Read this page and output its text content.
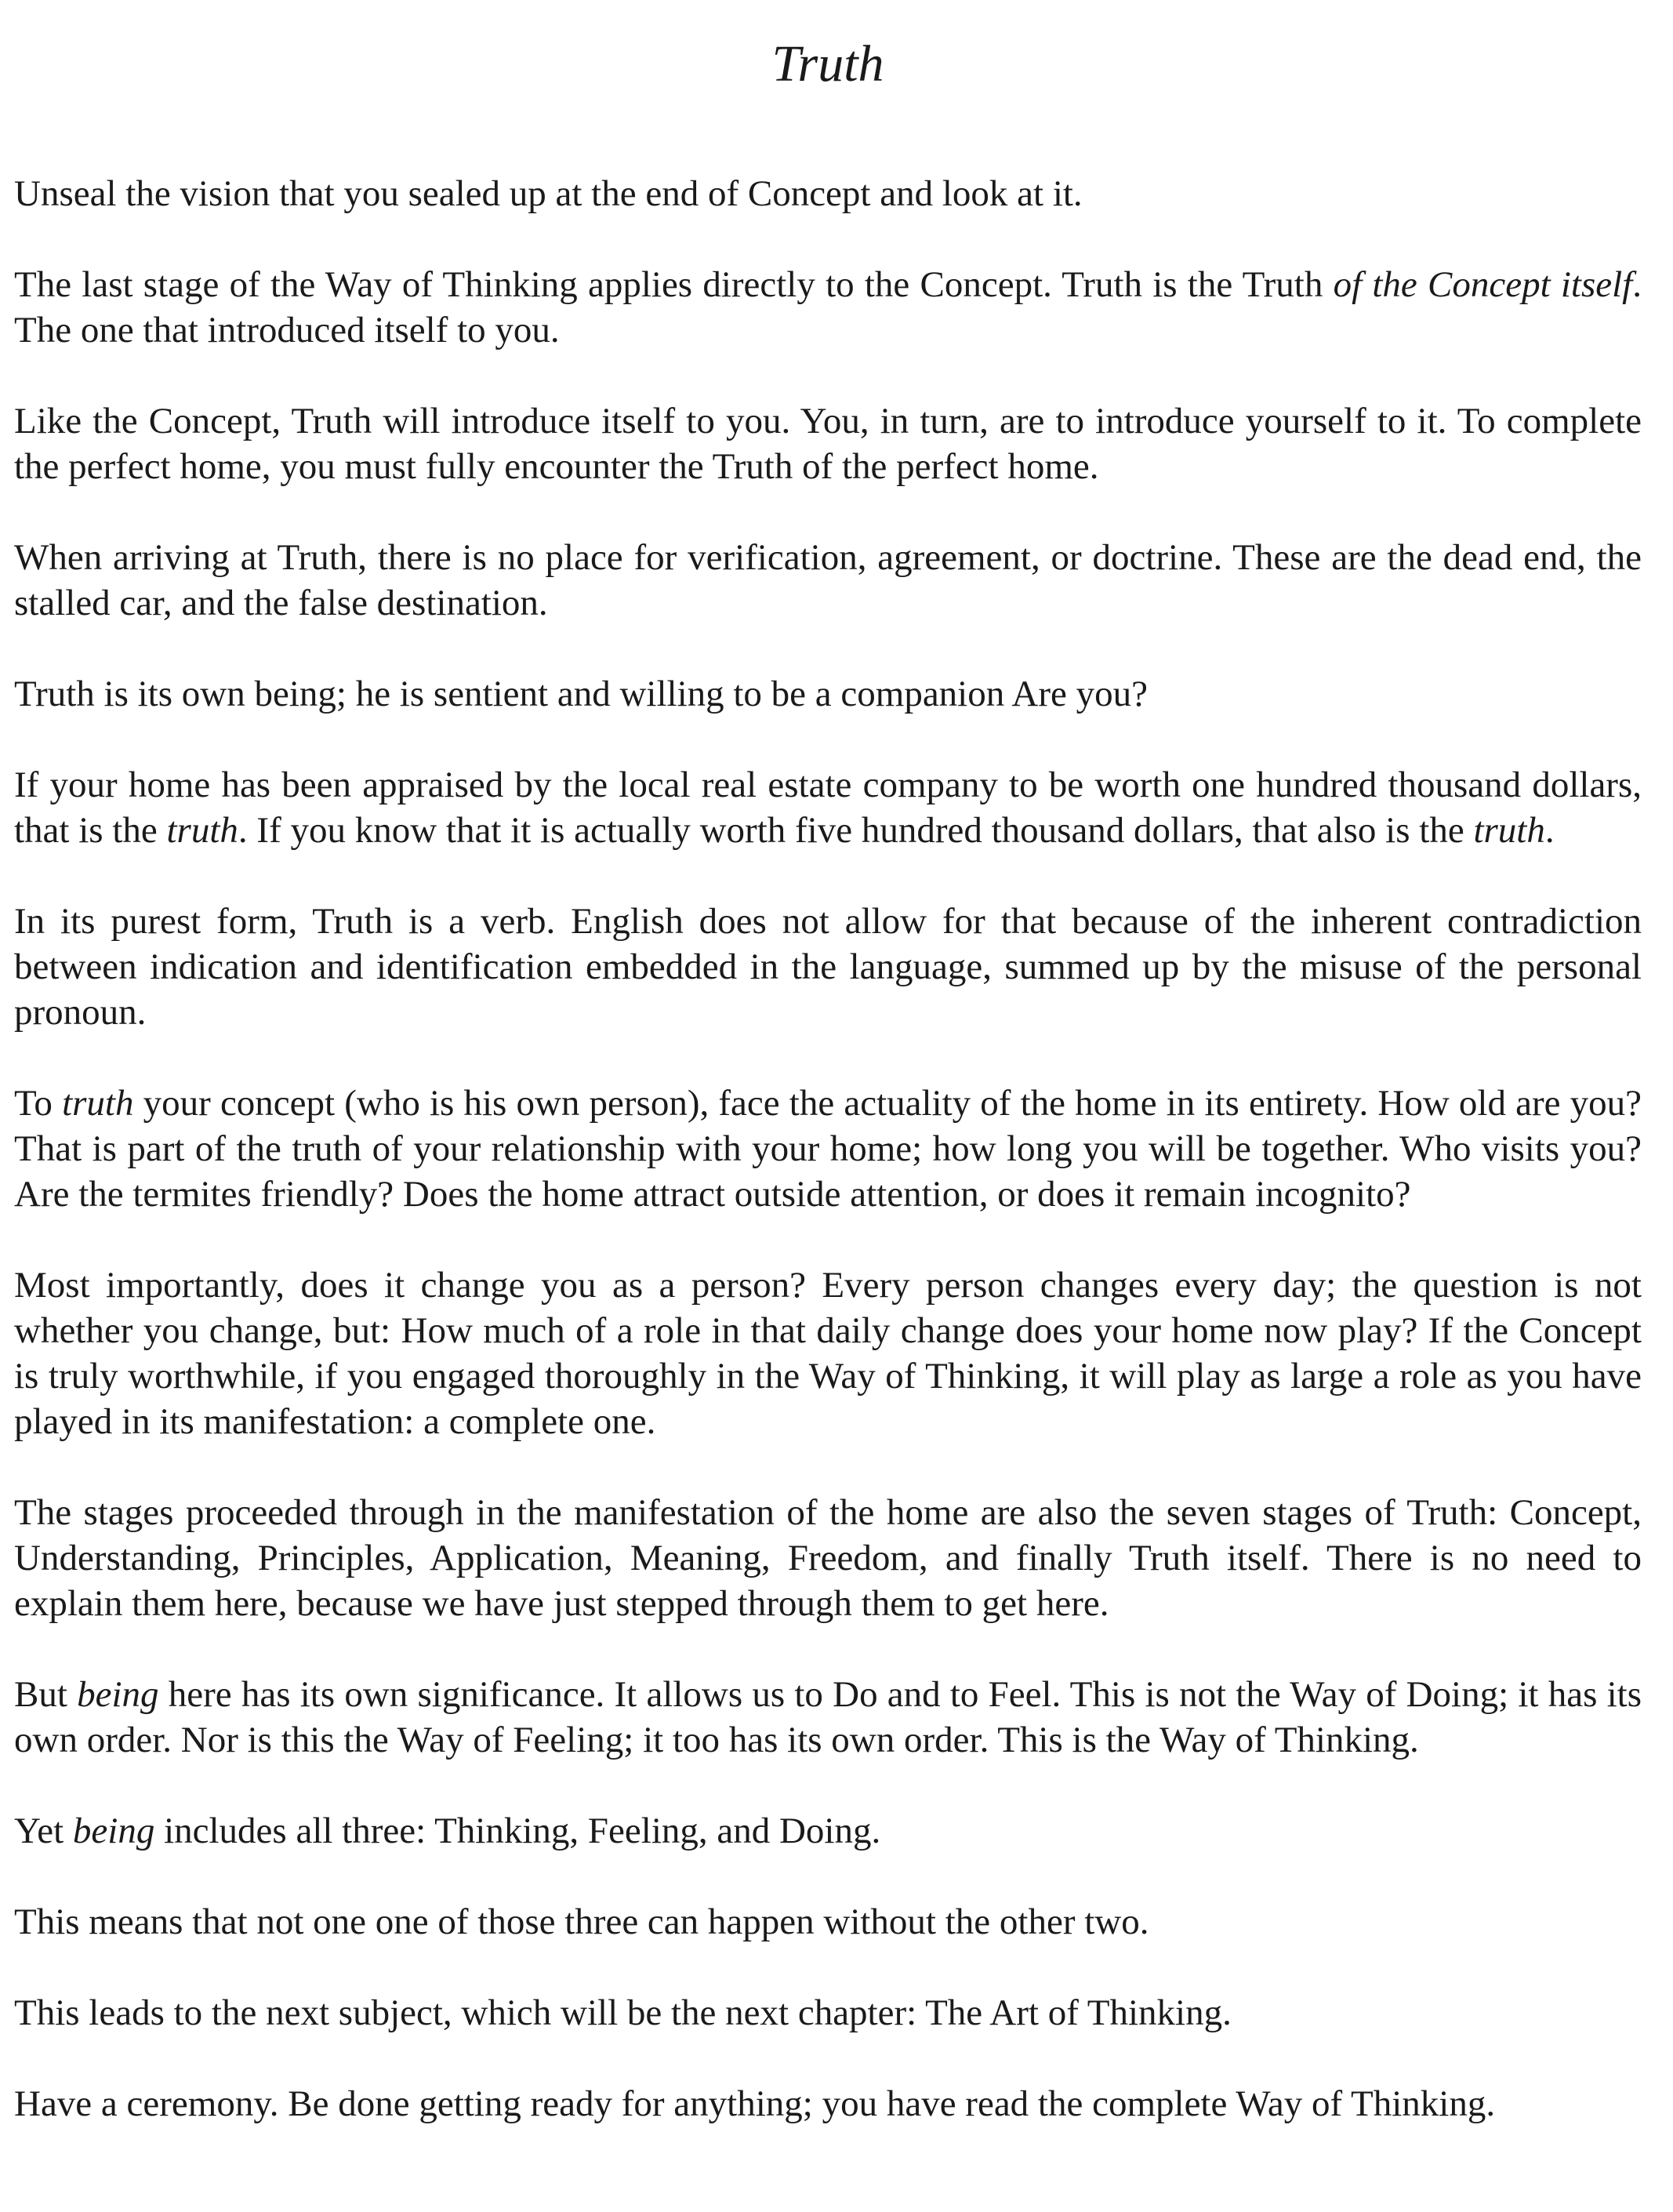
Truth

Unseal the vision that you sealed up at the end of Concept and look at it.

The last stage of the Way of Thinking applies directly to the Concept. Truth is the Truth of the Concept itself. The one that introduced itself to you.

Like the Concept, Truth will introduce itself to you. You, in turn, are to introduce yourself to it. To complete the perfect home, you must fully encounter the Truth of the perfect home.

When arriving at Truth, there is no place for verification, agreement, or doctrine. These are the dead end, the stalled car, and the false destination.

Truth is its own being; he is sentient and willing to be a companion Are you?

If your home has been appraised by the local real estate company to be worth one hundred thousand dollars, that is the truth. If you know that it is actually worth five hundred thousand dollars, that also is the truth.

In its purest form, Truth is a verb. English does not allow for that because of the inherent contradiction between indication and identification embedded in the language, summed up by the misuse of the personal pronoun.

To truth your concept (who is his own person), face the actuality of the home in its entirety. How old are you? That is part of the truth of your relationship with your home; how long you will be together. Who visits you? Are the termites friendly? Does the home attract outside attention, or does it remain incognito?

Most importantly, does it change you as a person? Every person changes every day; the question is not whether you change, but: How much of a role in that daily change does your home now play? If the Concept is truly worthwhile, if you engaged thoroughly in the Way of Thinking, it will play as large a role as you have played in its manifestation: a complete one.

The stages proceeded through in the manifestation of the home are also the seven stages of Truth: Concept, Understanding, Principles, Application, Meaning, Freedom, and finally Truth itself. There is no need to explain them here, because we have just stepped through them to get here.

But being here has its own significance. It allows us to Do and to Feel. This is not the Way of Doing; it has its own order. Nor is this the Way of Feeling; it too has its own order. This is the Way of Thinking.

Yet being includes all three: Thinking, Feeling, and Doing.

This means that not one one of those three can happen without the other two.

This leads to the next subject, which will be the next chapter: The Art of Thinking.

Have a ceremony. Be done getting ready for anything; you have read the complete Way of Thinking.
